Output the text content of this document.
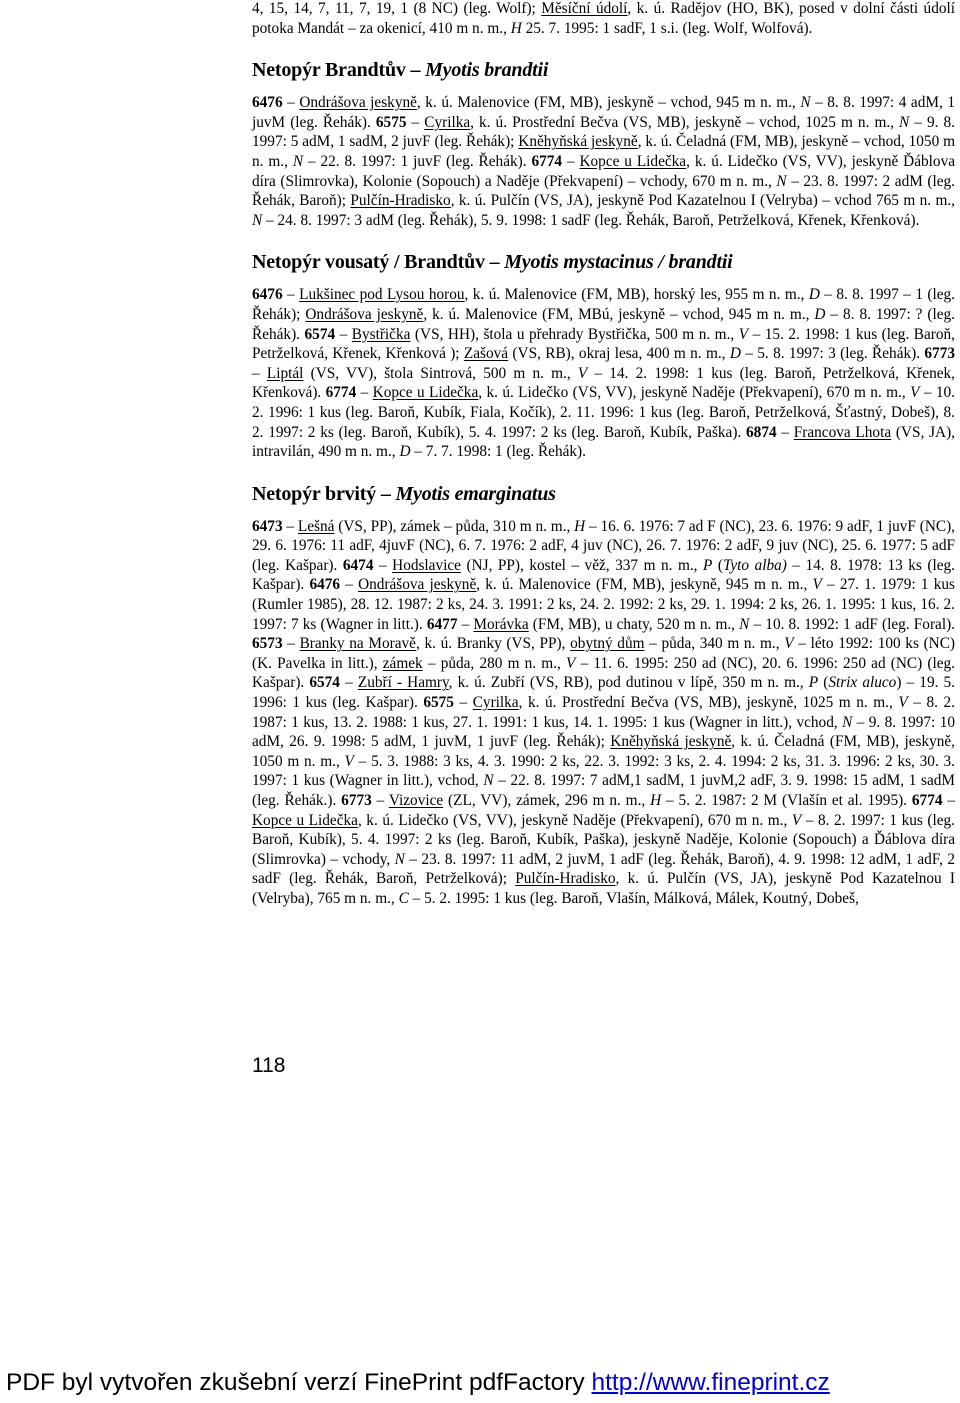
4, 15, 14, 7, 11, 7, 19, 1 (8 NC) (leg. Wolf); Měsíční údolí, k. ú. Radějov (HO, BK), posed v dolní části údolí potoka Mandát – za okenicí, 410 m n. m., H 25. 7. 1995: 1 sadF, 1 s.i. (leg. Wolf, Wolfová).

Netopýr Brandtův – Myotis brandtii

6476 – Ondrášova jeskyně, k. ú. Malenovice (FM, MB), jeskyně – vchod, 945 m n. m., N – 8. 8. 1997: 4 adM, 1 juvM (leg. Řehák). 6575 – Cyrilka, k. ú. Prostřední Bečva (VS, MB), jeskyně – vchod, 1025 m n. m., N – 9. 8. 1997: 5 adM, 1 sadM, 2 juvF (leg. Řehák); Kněhyňská jeskyně, k. ú. Čeladná (FM, MB), jeskyně – vchod, 1050 m n. m., N – 22. 8. 1997: 1 juvF (leg. Řehák). 6774 – Kopce u Lidečka, k. ú. Lidečko (VS, VV), jeskyně Ďáblova díra (Slimrovka), Kolonie (Sopouch) a Naděje (Překvapení) – vchody, 670 m n. m., N – 23. 8. 1997: 2 adM (leg. Řehák, Baroň); Pulčín-Hradisko, k. ú. Pulčín (VS, JA), jeskyně Pod Kazatelnou I (Velryba) – vchod 765 m n. m., N – 24. 8. 1997: 3 adM (leg. Řehák), 5. 9. 1998: 1 sadF (leg. Řehák, Baroň, Petrželková, Křenek, Křenková).

Netopýr vousatý / Brandtův – Myotis mystacinus / brandtii

6476 – Lukšinec pod Lysou horou, k. ú. Malenovice (FM, MB), horský les, 955 m n. m., D – 8. 8. 1997 – 1 (leg. Řehák); Ondrášova jeskyně, k. ú. Malenovice (FM, MBú, jeskyně – vchod, 945 m n. m., D – 8. 8. 1997: ? (leg. Řehák). 6574 – Bystřička (VS, HH), štola u přehrady Bystřička, 500 m n. m., V – 15. 2. 1998: 1 kus (leg. Baroň, Petrželková, Křenek, Křenková ); Zašová (VS, RB), okraj lesa, 400 m n. m., D – 5. 8. 1997: 3 (leg. Řehák). 6773 – Liptál (VS, VV), štola Sintrová, 500 m n. m., V – 14. 2. 1998: 1 kus (leg. Baroň, Petrželková, Křenek, Křenková). 6774 – Kopce u Lidečka, k. ú. Lidečko (VS, VV), jeskyně Naděje (Překvapení), 670 m n. m., V – 10. 2. 1996: 1 kus (leg. Baroň, Kubík, Fiala, Kočík), 2. 11. 1996: 1 kus (leg. Baroň, Petrželková, Šťastný, Dobeš), 8. 2. 1997: 2 ks (leg. Baroň, Kubík), 5. 4. 1997: 2 ks (leg. Baroň, Kubík, Paška). 6874 – Francova Lhota (VS, JA), intravilán, 490 m n. m., D – 7. 7. 1998: 1 (leg. Řehák).

Netopýr brvitý – Myotis emarginatus

6473 – Lešná (VS, PP), zámek – půda, 310 m n. m., H – 16. 6. 1976: 7 ad F (NC), 23. 6. 1976: 9 adF, 1 juvF (NC), 29. 6. 1976: 11 adF, 4juvF (NC), 6. 7. 1976: 2 adF, 4 juv (NC), 26. 7. 1976: 2 adF, 9 juv (NC), 25. 6. 1977: 5 adF (leg. Kašpar). 6474 – Hodslavice (NJ, PP), kostel – věž, 337 m n. m., P (Tyto alba) – 14. 8. 1978: 13 ks (leg. Kašpar). 6476 – Ondrášova jeskyně, k. ú. Malenovice (FM, MB), jeskyně, 945 m n. m., V – 27. 1. 1979: 1 kus (Rumler 1985), 28. 12. 1987: 2 ks, 24. 3. 1991: 2 ks, 24. 2. 1992: 2 ks, 29. 1. 1994: 2 ks, 26. 1. 1995: 1 kus, 16. 2. 1997: 7 ks (Wagner in litt.). 6477 – Morávka (FM, MB), u chaty, 520 m n. m., N – 10. 8. 1992: 1 adF (leg. Foral). 6573 – Branky na Moravě, k. ú. Branky (VS, PP), obytný dům – půda, 340 m n. m., V – léto 1992: 100 ks (NC) (K. Pavelka in litt.), zámek – půda, 280 m n. m., V – 11. 6. 1995: 250 ad (NC), 20. 6. 1996: 250 ad (NC) (leg. Kašpar). 6574 – Zubří - Hamry, k. ú. Zubří (VS, RB), pod dutinou v lípě, 350 m n. m., P (Strix aluco) – 19. 5. 1996: 1 kus (leg. Kašpar). 6575 – Cyrilka, k. ú. Prostřední Bečva (VS, MB), jeskyně, 1025 m n. m., V – 8. 2. 1987: 1 kus, 13. 2. 1988: 1 kus, 27. 1. 1991: 1 kus, 14. 1. 1995: 1 kus (Wagner in litt.), vchod, N – 9. 8. 1997: 10 adM, 26. 9. 1998: 5 adM, 1 juvM, 1 juvF (leg. Řehák); Kněhyňská jeskyně, k. ú. Čeladná (FM, MB), jeskyně, 1050 m n. m., V – 5. 3. 1988: 3 ks, 4. 3. 1990: 2 ks, 22. 3. 1992: 3 ks, 2. 4. 1994: 2 ks, 31. 3. 1996: 2 ks, 30. 3. 1997: 1 kus (Wagner in litt.), vchod, N – 22. 8. 1997: 7 adM,1 sadM, 1 juvM,2 adF, 3. 9. 1998: 15 adM, 1 sadM (leg. Řehák.). 6773 – Vizovice (ZL, VV), zámek, 296 m n. m., H – 5. 2. 1987: 2 M (Vlašín et al. 1995). 6774 – Kopce u Lidečka, k. ú. Lidečko (VS, VV), jeskyně Naděje (Překvapení), 670 m n. m., V – 8. 2. 1997: 1 kus (leg. Baroň, Kubík), 5. 4. 1997: 2 ks (leg. Baroň, Kubík, Paška), jeskyně Naděje, Kolonie (Sopouch) a Ďáblova díra (Slimrovka) – vchody, N – 23. 8. 1997: 11 adM, 2 juvM, 1 adF (leg. Řehák, Baroň), 4. 9. 1998: 12 adM, 1 adF, 2 sadF (leg. Řehák, Baroň, Petrželková); Pulčín-Hradisko, k. ú. Pulčín (VS, JA), jeskyně Pod Kazatelnou I (Velryba), 765 m n. m., C – 5. 2. 1995: 1 kus (leg. Baroň, Vlašín, Málková, Málek, Koutný, Dobeš,

118
PDF byl vytvořen zkušební verzí FinePrint pdfFactory http://www.fineprint.cz
